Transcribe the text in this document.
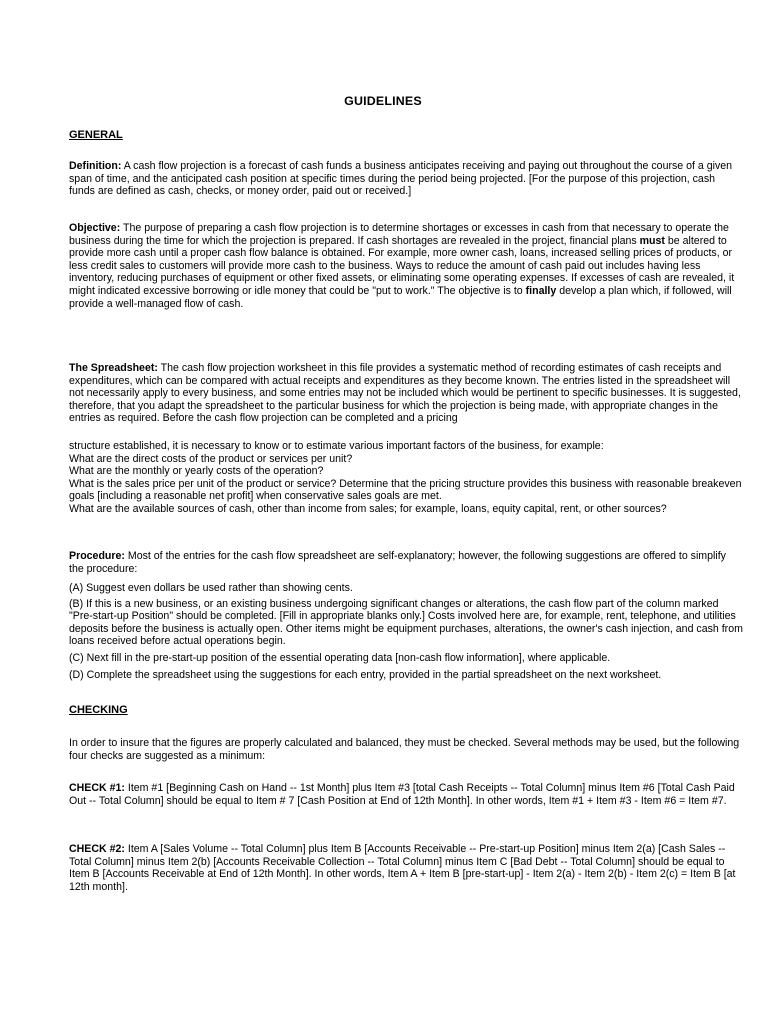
GUIDELINES
GENERAL

Definition: A cash flow projection is a forecast of cash funds a business anticipates receiving and paying out throughout the course of a given span of time, and the anticipated cash position at specific times during the period being projected. [For the purpose of this projection, cash funds are defined as cash, checks, or money order, paid out or received.]

Objective: The purpose of preparing a cash flow projection is to determine shortages or excesses in cash from that necessary to operate the business during the time for which the projection is prepared. If cash shortages are revealed in the project, financial plans must be altered to provide more cash until a proper cash flow balance is obtained. For example, more owner cash, loans, increased selling prices of products, or less credit sales to customers will provide more cash to the business. Ways to reduce the amount of cash paid out includes having less inventory, reducing purchases of equipment or other fixed assets, or eliminating some operating expenses. If excesses of cash are revealed, it might indicated excessive borrowing or idle money that could be "put to work." The objective is to finally develop a plan which, if followed, will provide a well-managed flow of cash.

The Spreadsheet: The cash flow projection worksheet in this file provides a systematic method of recording estimates of cash receipts and expenditures, which can be compared with actual receipts and expenditures as they become known. The entries listed in the spreadsheet will not necessarily apply to every business, and some entries may not be included which would be pertinent to specific businesses. It is suggested, therefore, that you adapt the spreadsheet to the particular business for which the projection is being made, with appropriate changes in the entries as required. Before the cash flow projection can be completed and a pricing

structure established, it is necessary to know or to estimate various important factors of the business, for example:
What are the direct costs of the product or services per unit?
What are the monthly or yearly costs of the operation?
What is the sales price per unit of the product or service? Determine that the pricing structure provides this business with reasonable breakeven goals [including a reasonable net profit] when conservative sales goals are met.
What are the available sources of cash, other than income from sales; for example, loans, equity capital, rent, or other sources?

Procedure: Most of the entries for the cash flow spreadsheet are self-explanatory; however, the following suggestions are offered to simplify the procedure:

(A) Suggest even dollars be used rather than showing cents.
(B) If this is a new business, or an existing business undergoing significant changes or alterations, the cash flow part of the column marked "Pre-start-up Position" should be completed. [Fill in appropriate blanks only.] Costs involved here are, for example, rent, telephone, and utilities deposits before the business is actually open. Other items might be equipment purchases, alterations, the owner's cash injection, and cash from loans received before actual operations begin.
(C) Next fill in the pre-start-up position of the essential operating data [non-cash flow information], where applicable.
(D) Complete the spreadsheet using the suggestions for each entry, provided in the partial spreadsheet on the next worksheet.
CHECKING

In order to insure that the figures are properly calculated and balanced, they must be checked. Several methods may be used, but the following four checks are suggested as a minimum:

CHECK #1: Item #1 [Beginning Cash on Hand -- 1st Month] plus Item #3 [total Cash Receipts -- Total Column] minus Item #6 [Total Cash Paid Out -- Total Column] should be equal to Item # 7 [Cash Position at End of 12th Month]. In other words, Item #1 + Item #3 - Item #6 = Item #7.

CHECK #2: Item A [Sales Volume -- Total Column] plus Item B [Accounts Receivable -- Pre-start-up Position] minus Item 2(a) [Cash Sales -- Total Column] minus Item 2(b) [Accounts Receivable Collection -- Total Column] minus Item C [Bad Debt -- Total Column] should be equal to Item B [Accounts Receivable at End of 12th Month]. In other words, Item A + Item B [pre-start-up] - Item 2(a) - Item 2(b) - Item 2(c) = Item B [at 12th month].
